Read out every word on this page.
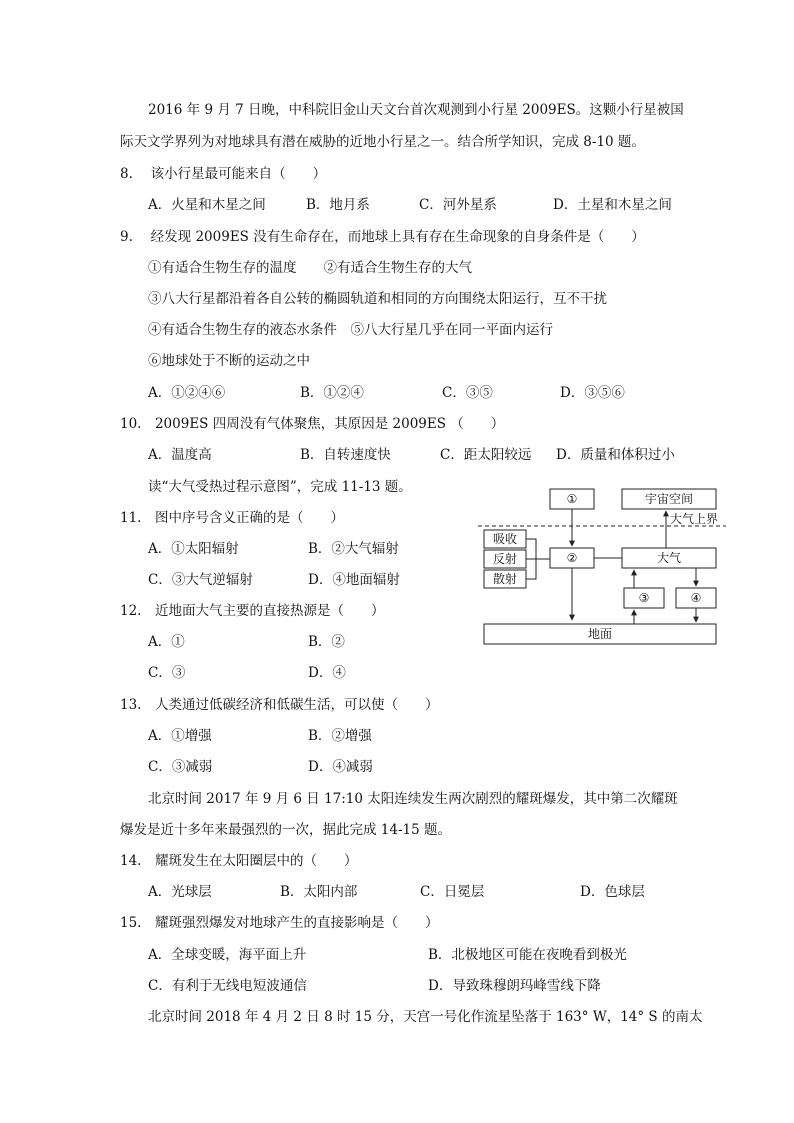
2016 年 9 月 7 日晚，中科院旧金山天文台首次观测到小行星 2009ES。这颗小行星被国
际天文学界列为对地球具有潜在威胁的近地小行星之一。结合所学知识，完成 8-10 题。
8.　 该小行星最可能来自（　　）
A．火星和木星之间	B．地月系	C．河外星系	D．土星和木星之间
9.　 经发现 2009ES 没有生命存在，而地球上具有存在生命现象的自身条件是（　　）
①有适合生物生存的温度　　②有适合生物生存的大气
③八大行星都沿着各自公转的椭圆轨道和相同的方向围绕太阳运行，互不干扰
④有适合生物生存的液态水条件　⑤八大行星几乎在同一平面内运行
⑥地球处于不断的运动之中
A．①②④⑥	B．①②④	C．③⑤	D．③⑤⑥
10.　2009ES 四周没有气体聚焦，其原因是 2009ES （　　）
A．温度高	B．自转速度快	C．距太阳较远 D．质量和体积过小
读“大气受热过程示意图”，完成 11-13 题。
11.　图中序号含义正确的是（　　）
A．①太阳辐射	B．②大气辐射
C．③大气逆辐射	D．④地面辐射
12.　近地面大气主要的直接热源是（　　）
A．①	B．②
C．③	D．④
13.　人类通过低碳经济和低碳生活，可以使（　　）
A．①增强	B．②增强
C．③减弱	D．④减弱
北京时间 2017 年 9 月 6 日 17:10 太阳连续发生两次剧烈的耀斑爆发，其中第二次耀斑
爆发是近十多年来最强烈的一次，据此完成 14-15 题。
14.　耀斑发生在太阳圈层中的（　　）
A．光球层	B．太阳内部	C．日冕层	D．色球层
15.　耀斑强烈爆发对地球产生的直接影响是（　　）
A．全球变暖，海平面上升	B．北极地区可能在夜晚看到极光
C．有利于无线电短波通信	D．导致珠穆朗玛峰雪线下降
北京时间 2018 年 4 月 2 日 8 时 15 分，天宫一号化作流星坠落于 163° W，14° S 的南太
①	宇宙空间
大气上界
吸收
反射
散射
②	大气
③	④
地面
